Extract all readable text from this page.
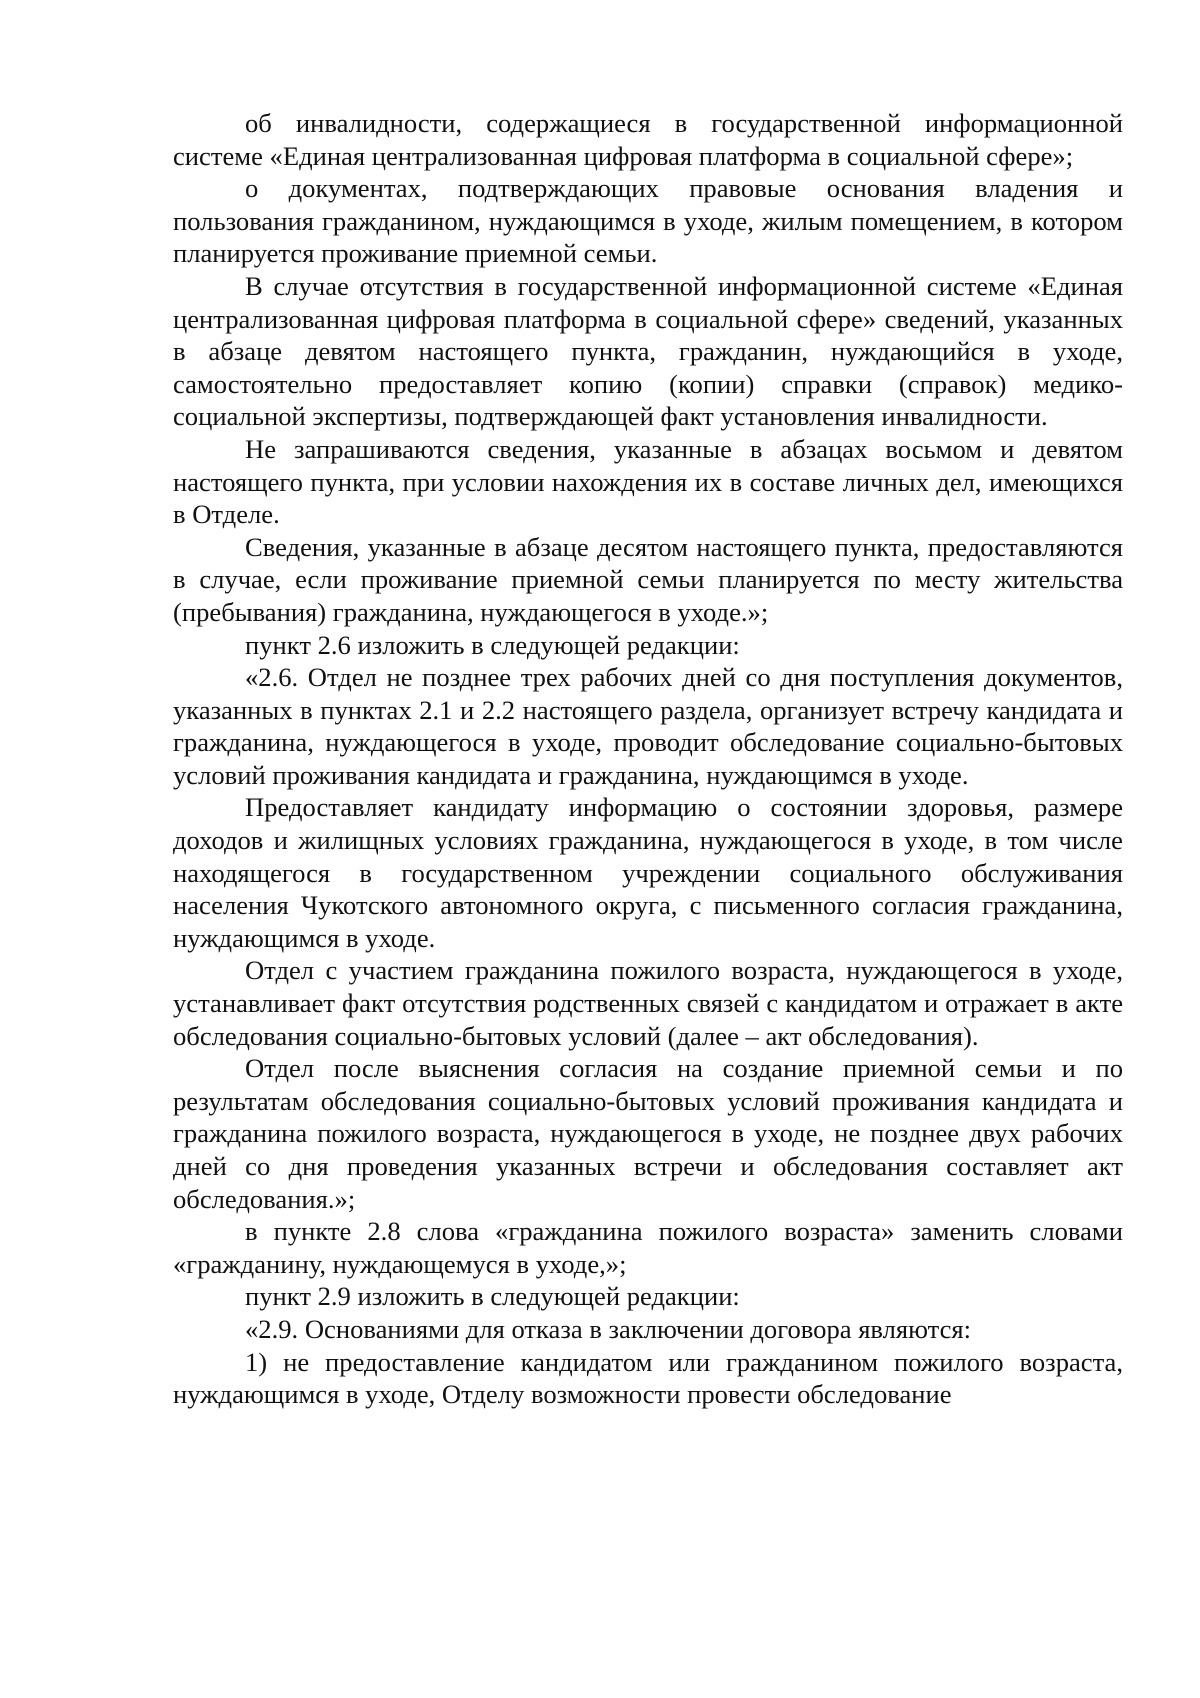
об инвалидности, содержащиеся в государственной информационной системе «Единая централизованная цифровая платформа в социальной сфере»;

о документах, подтверждающих правовые основания владения и пользования гражданином, нуждающимся в уходе, жилым помещением, в котором планируется проживание приемной семьи.

В случае отсутствия в государственной информационной системе «Единая централизованная цифровая платформа в социальной сфере» сведений, указанных в абзаце девятом настоящего пункта, гражданин, нуждающийся в уходе, самостоятельно предоставляет копию (копии) справки (справок) медико-социальной экспертизы, подтверждающей факт установления инвалидности.

Не запрашиваются сведения, указанные в абзацах восьмом и девятом настоящего пункта, при условии нахождения их в составе личных дел, имеющихся в Отделе.

Сведения, указанные в абзаце десятом настоящего пункта, предоставляются в случае, если проживание приемной семьи планируется по месту жительства (пребывания) гражданина, нуждающегося в уходе.»;

пункт 2.6 изложить в следующей редакции:

«2.6. Отдел не позднее трех рабочих дней со дня поступления документов, указанных в пунктах 2.1 и 2.2 настоящего раздела, организует встречу кандидата и гражданина, нуждающегося в уходе, проводит обследование социально-бытовых условий проживания кандидата и гражданина, нуждающимся в уходе.

Предоставляет кандидату информацию о состоянии здоровья, размере доходов и жилищных условиях гражданина, нуждающегося в уходе, в том числе находящегося в государственном учреждении социального обслуживания населения Чукотского автономного округа, с письменного согласия гражданина, нуждающимся в уходе.

Отдел с участием гражданина пожилого возраста, нуждающегося в уходе, устанавливает факт отсутствия родственных связей с кандидатом и отражает в акте обследования социально-бытовых условий (далее – акт обследования).

Отдел после выяснения согласия на создание приемной семьи и по результатам обследования социально-бытовых условий проживания кандидата и гражданина пожилого возраста, нуждающегося в уходе, не позднее двух рабочих дней со дня проведения указанных встречи и обследования составляет акт обследования.»;

в пункте 2.8 слова «гражданина пожилого возраста» заменить словами «гражданину, нуждающемуся в уходе,»;

пункт 2.9 изложить в следующей редакции:

«2.9. Основаниями для отказа в заключении договора являются:

1) не предоставление кандидатом или гражданином пожилого возраста, нуждающимся в уходе, Отделу возможности провести обследование
